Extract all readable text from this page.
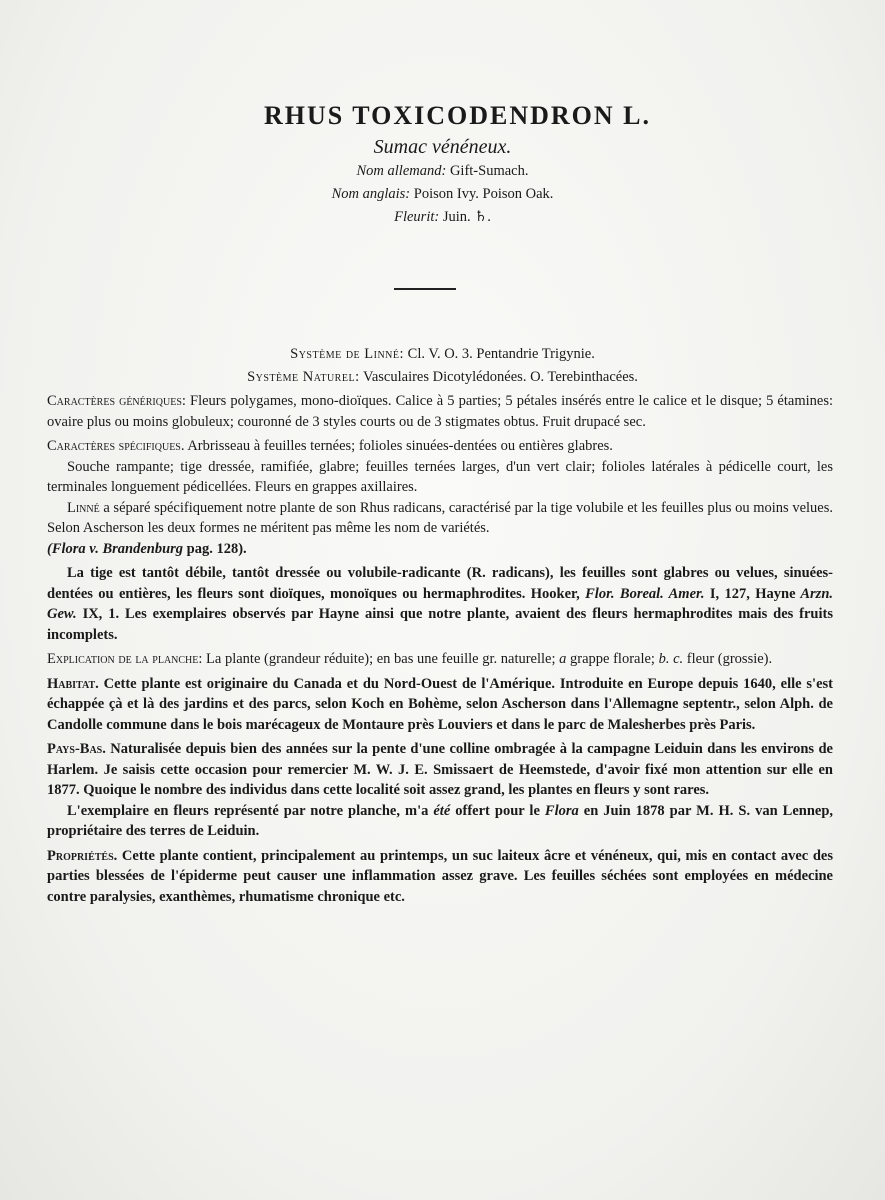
RHUS TOXICODENDRON L.
Sumac vénéneux.
Nom allemand: Gift-Sumach.
Nom anglais: Poison Ivy. Poison Oak.
Fleurit: Juin. ♄.
Système de Linné: Cl. V. O. 3. Pentandrie Trigynie.
Système Naturel: Vasculaires Dicotylédonées. O. Terebinthacées.

Caractères génériques: Fleurs polygames, mono-dioïques. Calice à 5 parties; 5 pétales insérés entre le calice et le disque; 5 étamines: ovaire plus ou moins globuleux; couronné de 3 styles courts ou de 3 stigmates obtus. Fruit drupacé sec.

Caractères spécifiques. Arbrisseau à feuilles ternées; folioles sinuées-dentées ou entières glabres.

Souche rampante; tige dressée, ramifiée, glabre; feuilles ternées larges, d'un vert clair; folioles latérales à pédicelle court, les terminales longuement pédicellées. Fleurs en grappes axillaires.

Linné a séparé spécifiquement notre plante de son Rhus radicans, caractérisé par la tige volubile et les feuilles plus ou moins velues. Selon Ascherson les deux formes ne méritent pas même les nom de variétés.
(Flora v. Brandenburg pag. 128).

La tige est tantôt débile, tantôt dressée ou volubile-radicante (R. radicans), les feuilles sont glabres ou velues, sinuées-dentées ou entières, les fleurs sont dioïques, monoïques ou hermaphrodites. Hooker, Flor. Boreal. Amer. I, 127, Hayne Arzn. Gew. IX, 1. Les exemplaires observés par Hayne ainsi que notre plante, avaient des fleurs hermaphrodites mais des fruits incomplets.

Explication de la planche: La plante (grandeur réduite); en bas une feuille gr. naturelle; a grappe florale; b. c. fleur (grossie).

Habitat. Cette plante est originaire du Canada et du Nord-Ouest de l'Amérique. Introduite en Europe depuis 1640, elle s'est échappée çà et là des jardins et des parcs, selon Koch en Bohème, selon Ascherson dans l'Allemagne septentr., selon Alph. de Candolle commune dans le bois marécageux de Montaure près Louviers et dans le parc de Malesherbes près Paris.

Pays-Bas. Naturalisée depuis bien des années sur la pente d'une colline ombragée à la campagne Leiduin dans les environs de Harlem. Je saisis cette occasion pour remercier M. W. J. E. Smissaert de Heemstede, d'avoir fixé mon attention sur elle en 1877. Quoique le nombre des individus dans cette localité soit assez grand, les plantes en fleurs y sont rares.

L'exemplaire en fleurs représenté par notre planche, m'a été offert pour le Flora en Juin 1878 par M. H. S. van Lennep, propriétaire des terres de Leiduin.

Propriétés. Cette plante contient, principalement au printemps, un suc laiteux âcre et vénéneux, qui, mis en contact avec des parties blessées de l'épiderme peut causer une inflammation assez grave. Les feuilles séchées sont employées en médecine contre paralysies, exanthèmes, rhumatisme chronique etc.
